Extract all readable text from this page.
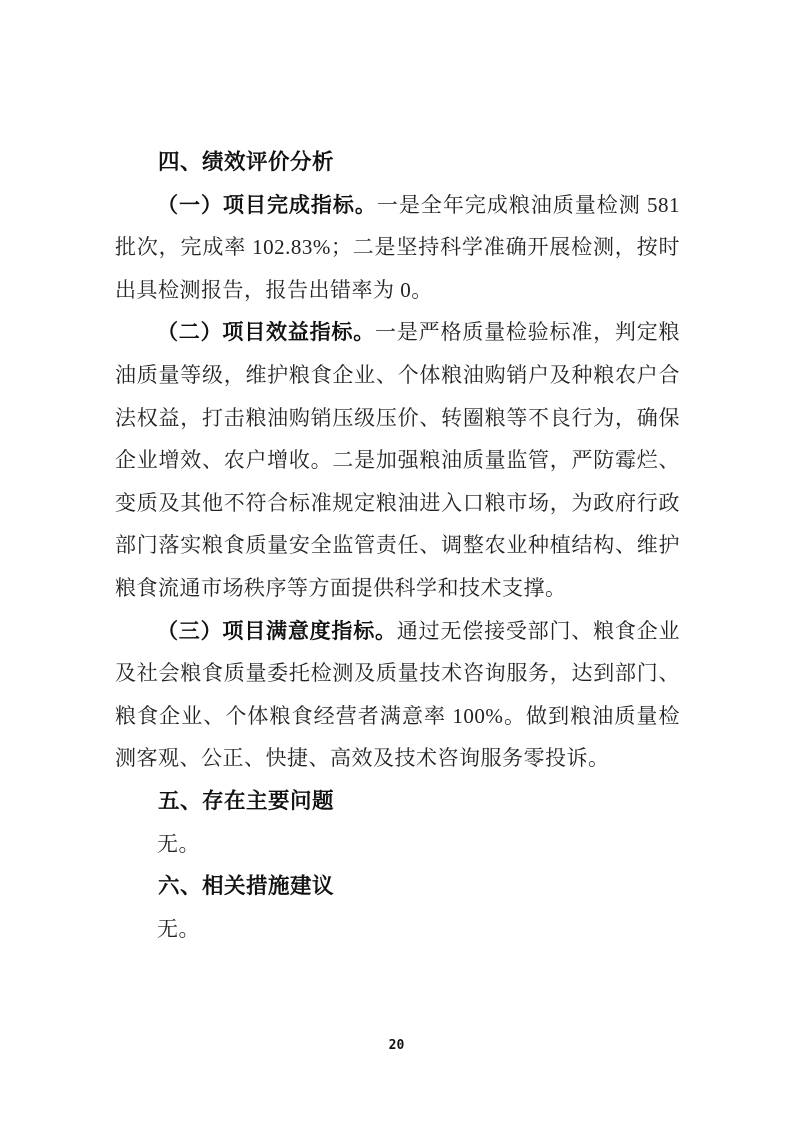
四、绩效评价分析

（一）项目完成指标。一是全年完成粮油质量检测 581 批次，完成率 102.83%；二是坚持科学准确开展检测，按时出具检测报告，报告出错率为 0。

（二）项目效益指标。一是严格质量检验标准，判定粮油质量等级，维护粮食企业、个体粮油购销户及种粮农户合法权益，打击粮油购销压级压价、转圈粮等不良行为，确保企业增效、农户增收。二是加强粮油质量监管，严防霉烂、变质及其他不符合标准规定粮油进入口粮市场，为政府行政部门落实粮食质量安全监管责任、调整农业种植结构、维护粮食流通市场秩序等方面提供科学和技术支撑。

（三）项目满意度指标。通过无偿接受部门、粮食企业及社会粮食质量委托检测及质量技术咨询服务，达到部门、粮食企业、个体粮食经营者满意率 100%。做到粮油质量检测客观、公正、快捷、高效及技术咨询服务零投诉。

五、存在主要问题

无。

六、相关措施建议

无。

20
